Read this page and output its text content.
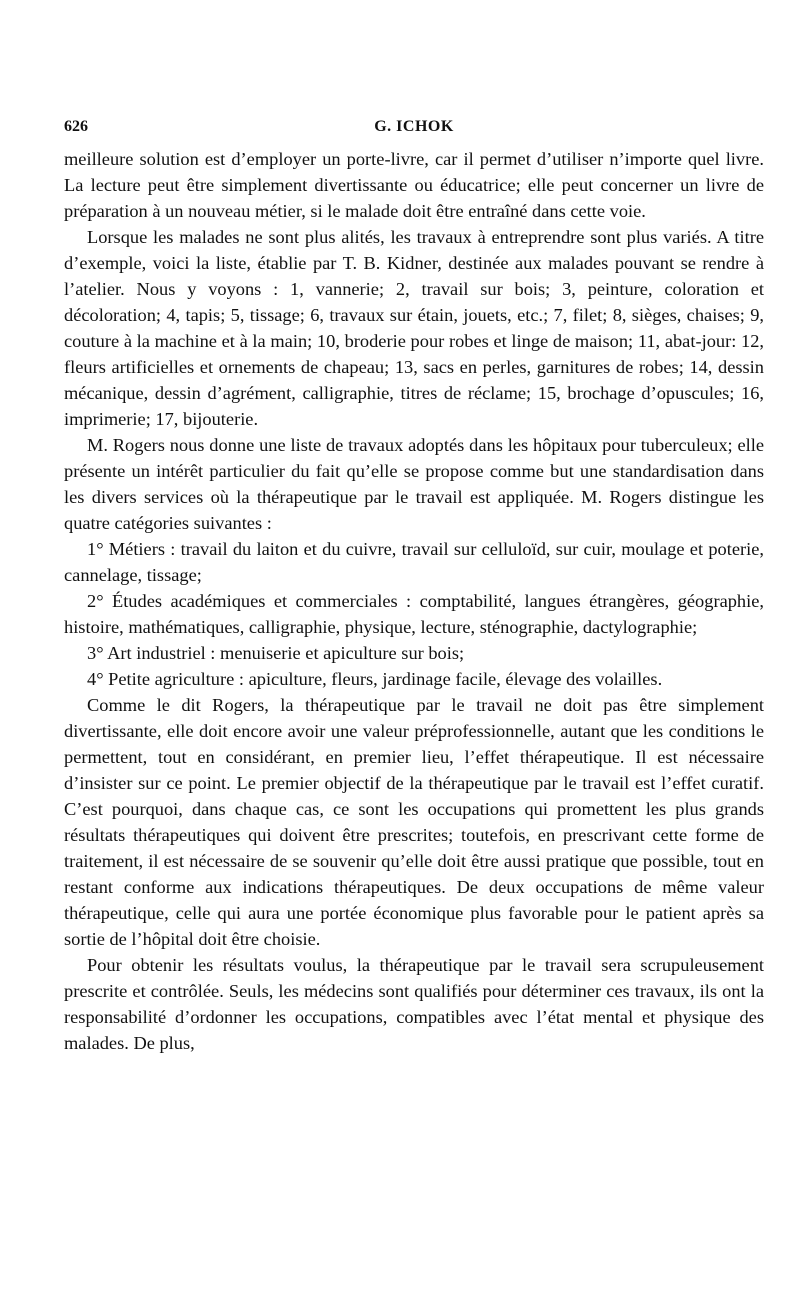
626	G. ICHOK

meilleure solution est d’employer un porte-livre, car il permet d’utiliser n’importe quel livre. La lecture peut être simplement divertissante ou éducatrice; elle peut concerner un livre de préparation à un nouveau métier, si le malade doit être entraîné dans cette voie.

Lorsque les malades ne sont plus alités, les travaux à entreprendre sont plus variés. A titre d’exemple, voici la liste, établie par T. B. Kidner, destinée aux malades pouvant se rendre à l’atelier. Nous y voyons : 1, vannerie; 2, travail sur bois; 3, peinture, coloration et décoloration; 4, tapis; 5, tissage; 6, travaux sur étain, jouets, etc.; 7, filet; 8, sièges, chaises; 9, couture à la machine et à la main; 10, broderie pour robes et linge de maison; 11, abat-jour: 12, fleurs artificielles et ornements de chapeau; 13, sacs en perles, garnitures de robes; 14, dessin mécanique, dessin d’agrément, calligraphie, titres de réclame; 15, brochage d’opuscules; 16, imprimerie; 17, bijouterie.

M. Rogers nous donne une liste de travaux adoptés dans les hôpitaux pour tuberculeux; elle présente un intérêt particulier du fait qu’elle se propose comme but une standardisation dans les divers services où la thérapeutique par le travail est appliquée. M. Rogers distingue les quatre catégories suivantes :

1° Métiers : travail du laiton et du cuivre, travail sur celluloïd, sur cuir, moulage et poterie, cannelage, tissage;

2° Études académiques et commerciales : comptabilité, langues étrangères, géographie, histoire, mathématiques, calligraphie, physique, lecture, sténographie, dactylographie;

3° Art industriel : menuiserie et apiculture sur bois;

4° Petite agriculture : apiculture, fleurs, jardinage facile, élevage des volailles.

Comme le dit Rogers, la thérapeutique par le travail ne doit pas être simplement divertissante, elle doit encore avoir une valeur préprofessionnelle, autant que les conditions le permettent, tout en considérant, en premier lieu, l’effet thérapeutique. Il est nécessaire d’insister sur ce point. Le premier objectif de la thérapeutique par le travail est l’effet curatif. C’est pourquoi, dans chaque cas, ce sont les occupations qui promettent les plus grands résultats thérapeutiques qui doivent être prescrites; toutefois, en prescrivant cette forme de traitement, il est nécessaire de se souvenir qu’elle doit être aussi pratique que possible, tout en restant conforme aux indications thérapeutiques. De deux occupations de même valeur thérapeutique, celle qui aura une portée économique plus favorable pour le patient après sa sortie de l’hôpital doit être choisie.

Pour obtenir les résultats voulus, la thérapeutique par le travail sera scrupuleusement prescrite et contrôlée. Seuls, les médecins sont qualifiés pour déterminer ces travaux, ils ont la responsabilité d’ordonner les occupations, compatibles avec l’état mental et physique des malades. De plus,
